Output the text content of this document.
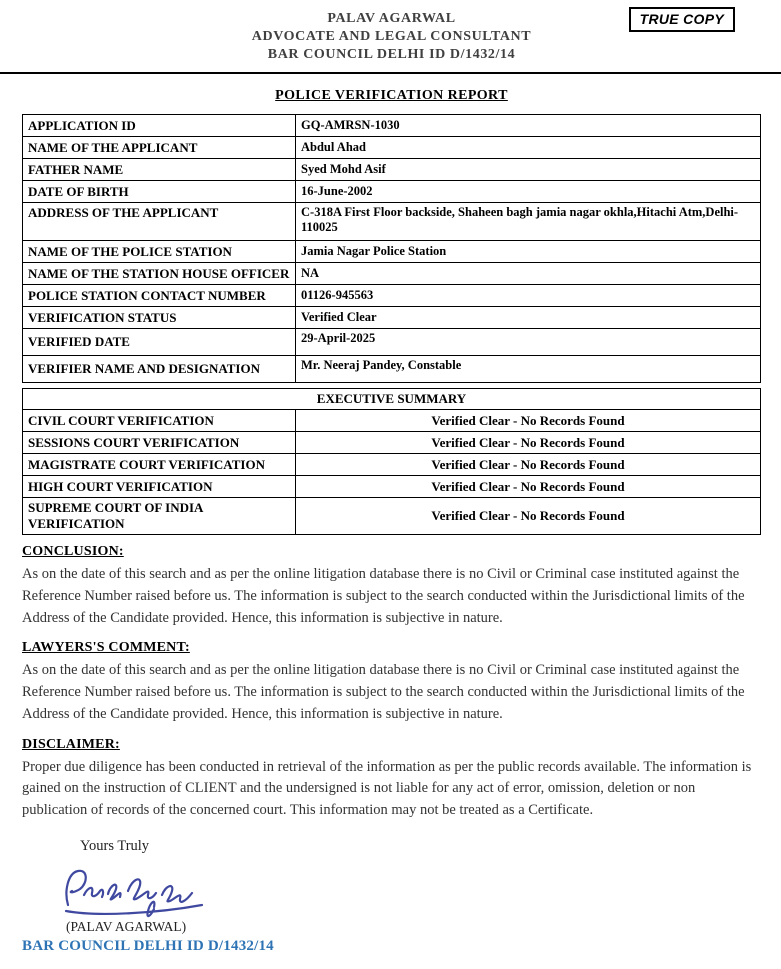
TRUE COPY
PALAV AGARWAL
ADVOCATE AND LEGAL CONSULTANT
BAR COUNCIL DELHI ID D/1432/14
POLICE VERIFICATION REPORT
APPLICATION ID	GQ-AMRSN-1030
NAME OF THE APPLICANT	Abdul Ahad
FATHER NAME	Syed Mohd Asif
DATE OF BIRTH	16-June-2002
ADDRESS OF THE APPLICANT	C-318A First Floor backside, Shaheen bagh jamia nagar okhla,Hitachi Atm,Delhi-110025
NAME OF THE POLICE STATION	Jamia Nagar Police Station
NAME OF THE STATION HOUSE OFFICER	NA
POLICE STATION CONTACT NUMBER	01126-945563
VERIFICATION STATUS	Verified Clear
VERIFIED DATE	29-April-2025
VERIFIER NAME AND DESIGNATION	Mr. Neeraj Pandey, Constable
EXECUTIVE SUMMARY	
CIVIL COURT VERIFICATION	Verified Clear - No Records Found
SESSIONS COURT VERIFICATION	Verified Clear - No Records Found
MAGISTRATE COURT VERIFICATION	Verified Clear - No Records Found
HIGH COURT VERIFICATION	Verified Clear - No Records Found
SUPREME COURT OF INDIA VERIFICATION	Verified Clear - No Records Found
CONCLUSION:

As on the date of this search and as per the online litigation database there is no Civil or Criminal case instituted against the Reference Number raised before us. The information is subject to the search conducted within the Jurisdictional limits of the Address of the Candidate provided. Hence, this information is subjective in nature.

LAWYERS'S COMMENT:

As on the date of this search and as per the online litigation database there is no Civil or Criminal case instituted against the Reference Number raised before us. The information is subject to the search conducted within the Jurisdictional limits of the Address of the Candidate provided. Hence, this information is subjective in nature.

DISCLAIMER:

Proper due diligence has been conducted in retrieval of the information as per the public records available. The information is gained on the instruction of CLIENT and the undersigned is not liable for any act of error, omission, deletion or non publication of records of the concerned court. This information may not be treated as a Certificate.

Yours Truly
(PALAV AGARWAL)
BAR COUNCIL DELHI ID D/1432/14
